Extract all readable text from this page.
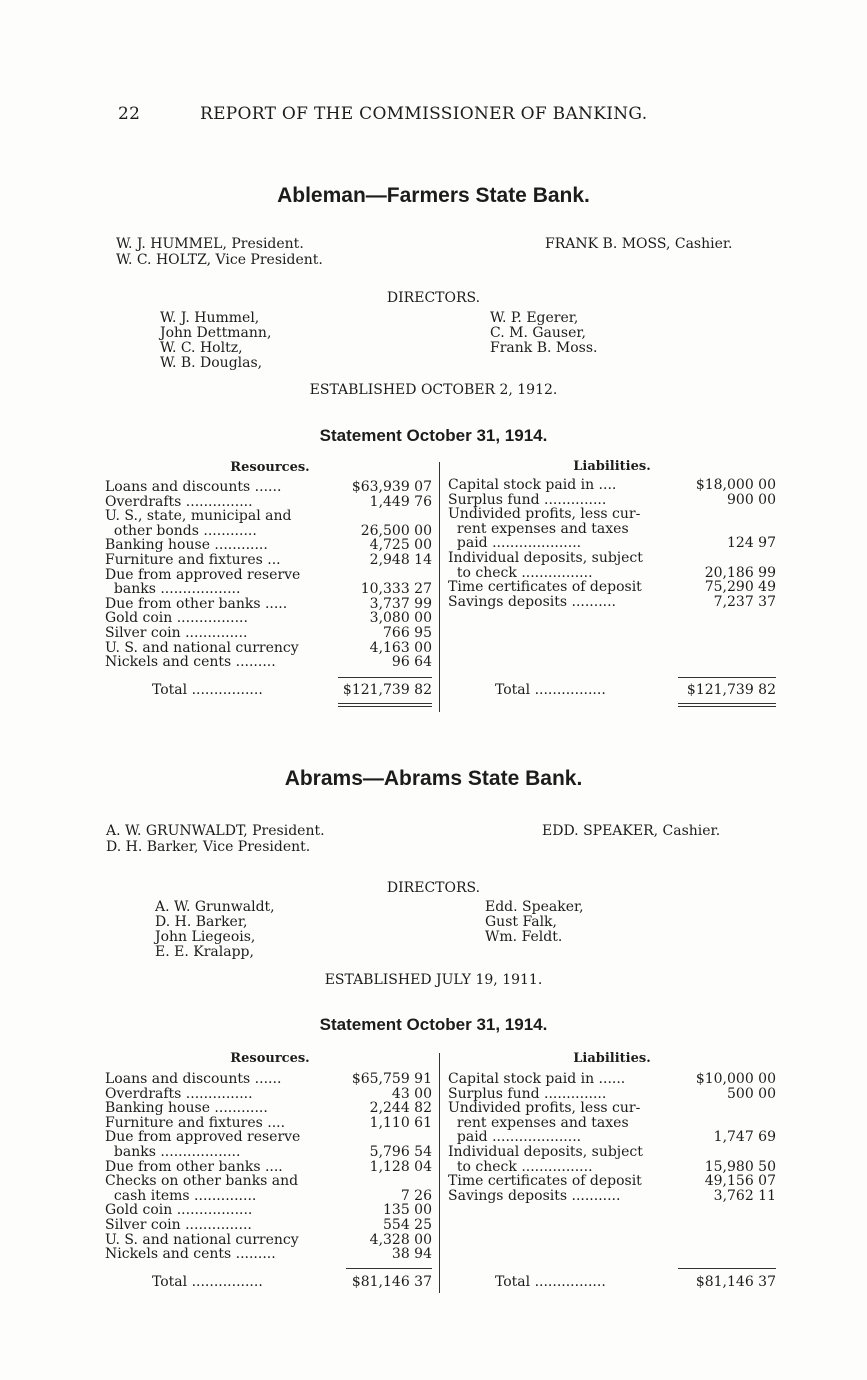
22	REPORT OF THE COMMISSIONER OF BANKING.
Ableman—Farmers State Bank.
W. J. HUMMEL, President.
W. C. HOLTZ, Vice President.
FRANK B. MOSS, Cashier.
DIRECTORS.
W. J. Hummel,
John Dettmann,
W. C. Holtz,
W. B. Douglas,
W. P. Egerer,
C. M. Gauser,
Frank B. Moss.
ESTABLISHED OCTOBER 2, 1912.
Statement October 31, 1914.
Resources.	Liabilities.
Loans and discounts ......	$63,939 07
Overdrafts ...............	1,449 76
U. S., state, municipal and
other bonds ............	26,500 00
Banking house ............	4,725 00
Furniture and fixtures ...	2,948 14
Due from approved reserve
banks ..................	10,333 27
Due from other banks .....	3,737 99
Gold coin ................	3,080 00
Silver coin ..............	766 95
U. S. and national currency	4,163 00
Nickels and cents .........	96 64
Capital stock paid in ....	$18,000 00
Surplus fund ..............	900 00
Undivided profits, less cur-
rent expenses and taxes
paid ....................	124 97
Individual deposits, subject
to check ................	20,186 99
Time certificates of deposit	75,290 49
Savings deposits ..........	7,237 37
Total ................	$121,739 82	Total ................	$121,739 82
Abrams—Abrams State Bank.
A. W. GRUNWALDT, President.
D. H. Barker, Vice President.
EDD. SPEAKER, Cashier.
DIRECTORS.
A. W. Grunwaldt,
D. H. Barker,
John Liegeois,
E. E. Kralapp,
Edd. Speaker,
Gust Falk,
Wm. Feldt.
ESTABLISHED JULY 19, 1911.
Statement October 31, 1914.
Resources.	Liabilities.
Loans and discounts ......	$65,759 91
Overdrafts ...............	43 00
Banking house ............	2,244 82
Furniture and fixtures ....	1,110 61
Due from approved reserve
banks ..................	5,796 54
Due from other banks ....	1,128 04
Checks on other banks and
cash items ..............	7 26
Gold coin .................	135 00
Silver coin ...............	554 25
U. S. and national currency	4,328 00
Nickels and cents .........	38 94
Capital stock paid in ......	$10,000 00
Surplus fund ..............	500 00
Undivided profits, less cur-
rent expenses and taxes
paid ....................	1,747 69
Individual deposits, subject
to check ................	15,980 50
Time certificates of deposit	49,156 07
Savings deposits ...........	3,762 11
Total ................	$81,146 37	Total ................	$81,146 37
